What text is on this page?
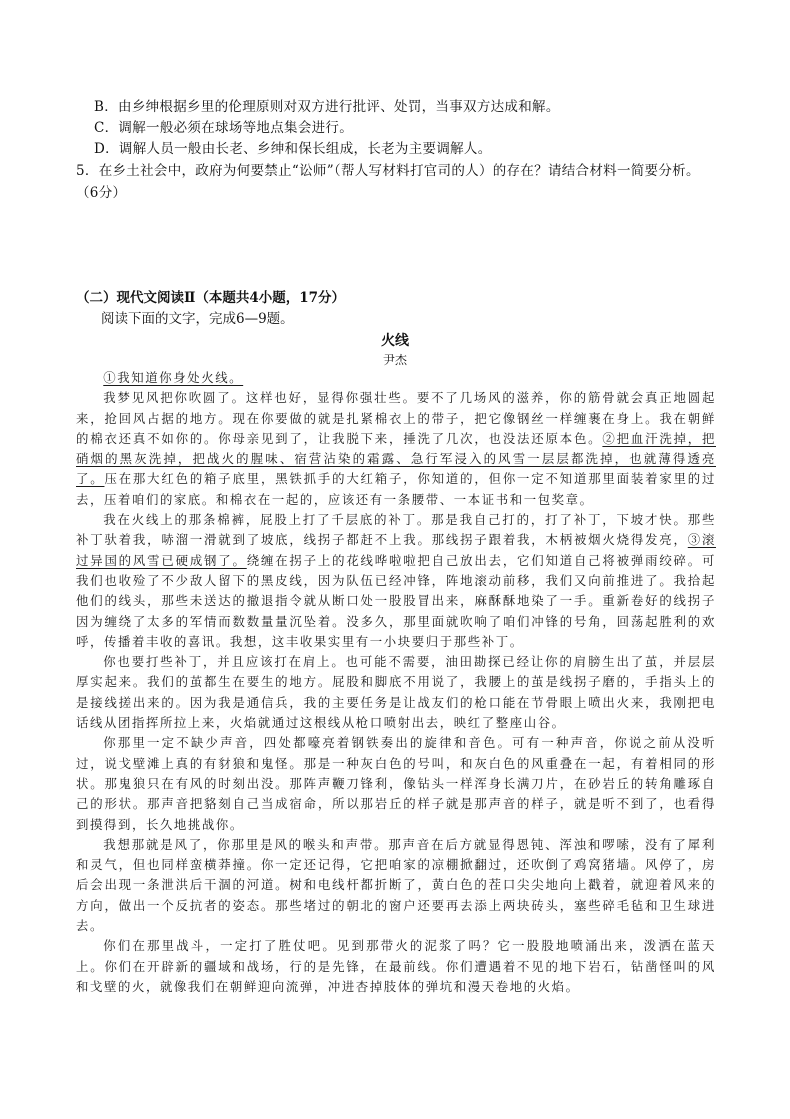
B．由乡绅根据乡里的伦理原则对双方进行批评、处罚，当事双方达成和解。
C．调解一般必须在球场等地点集会进行。
D．调解人员一般由长老、乡绅和保长组成，长老为主要调解人。
5．在乡土社会中，政府为何要禁止“讼师”（帮人写材料打官司的人）的存在？请结合材料一简要分析。
（6分）
（二）现代文阅读Ⅱ（本题共4小题，17分）
阅读下面的文字，完成6—9题。
火线
尹杰

①我知道你身处火线。

我梦见风把你吹圆了。这样也好，显得你强壮些。要不了几场风的滋养，你的筋骨就会真正地圆起来，抢回风占据的地方。现在你要做的就是扎紧棉衣上的带子，把它像钢丝一样缠裹在身上。我在朝鲜的棉衣还真不如你的。你母亲见到了，让我脱下来，捶洗了几次，也没法还原本色。②把血汗洗掉，把硝烟的黑灰洗掉，把战火的腥味、宿营沾染的霜露、急行军浸入的风雪一层层都洗掉，也就薄得透亮了。压在那大红色的箱子底里，黑铁抓手的大红箱子，你知道的，但你一定不知道那里面装着家里的过去，压着咱们的家底。和棉衣在一起的，应该还有一条腰带、一本证书和一包奖章。

我在火线上的那条棉裤，屁股上打了千层底的补丁。那是我自己打的，打了补丁，下坡才快。那些补丁驮着我，哧溜一滑就到了坡底，线拐子都赶不上我。那线拐子跟着我，木柄被烟火烧得发亮，③滚过异国的风雪已硬成钢了。绕缠在拐子上的花线哗啦啦把自己放出去，它们知道自己将被弹雨绞碎。可我们也收殓了不少敌人留下的黑皮线，因为队伍已经冲锋，阵地滚动前移，我们又向前推进了。我拾起他们的线头，那些未送达的撤退指令就从断口处一股股冒出来，麻酥酥地染了一手。重新卷好的线拐子因为缠绕了太多的军情而数数量量沉坠着。没多久，那里面就吹响了咱们冲锋的号角，回荡起胜利的欢呼，传播着丰收的喜讯。我想，这丰收果实里有一小块要归于那些补丁。

你也要打些补丁，并且应该打在肩上。也可能不需要，油田勘探已经让你的肩膀生出了茧，并层层厚实起来。我们的茧都生在要生的地方。屁股和脚底不用说了，我腰上的茧是线拐子磨的，手指头上的是接线搓出来的。因为我是通信兵，我的主要任务是让战友们的枪口能在节骨眼上喷出火来，我刚把电话线从团指挥所拉上来，火焰就通过这根线从枪口喷射出去，映红了整座山谷。

你那里一定不缺少声音，四处都嚎亮着钢铁奏出的旋律和音色。可有一种声音，你说之前从没听过，说戈壁滩上真的有豺狼和鬼怪。那是一种灰白色的号叫，和灰白色的风重叠在一起，有着相同的形状。那鬼狼只在有风的时刻出没。那阵声鞭刀锋利，像钻头一样浑身长满刀片，在砂岩丘的转角雕琢自己的形状。那声音把貉刻自己当成宿命，所以那岩丘的样子就是那声音的样子，就是听不到了，也看得到摸得到，长久地挑战你。

我想那就是风了，你那里是风的喉头和声带。那声音在后方就显得恩钝、浑浊和啰嗦，没有了犀利和灵气，但也同样蛮横莽撞。你一定还记得，它把咱家的凉棚掀翻过，还吹倒了鸡窝猪墙。风停了，房后会出现一条泄洪后干涸的河道。树和电线杆都折断了，黄白色的茬口尖尖地向上戳着，就迎着风来的方向，做出一个反抗者的姿态。那些堵过的朝北的窗户还要再去添上两块砖头，塞些碎毛毡和卫生球进去。

你们在那里战斗，一定打了胜仗吧。见到那带火的泥浆了吗？它一股股地喷涌出来，泼洒在蓝天上。你们在开辟新的疆域和战场，行的是先锋，在最前线。你们遭遇着不见的地下岩石，钻凿怪叫的风和戈壁的火，就像我们在朝鲜迎向流弹，冲进杏掉肢体的弹坑和漫天卷地的火焰。
